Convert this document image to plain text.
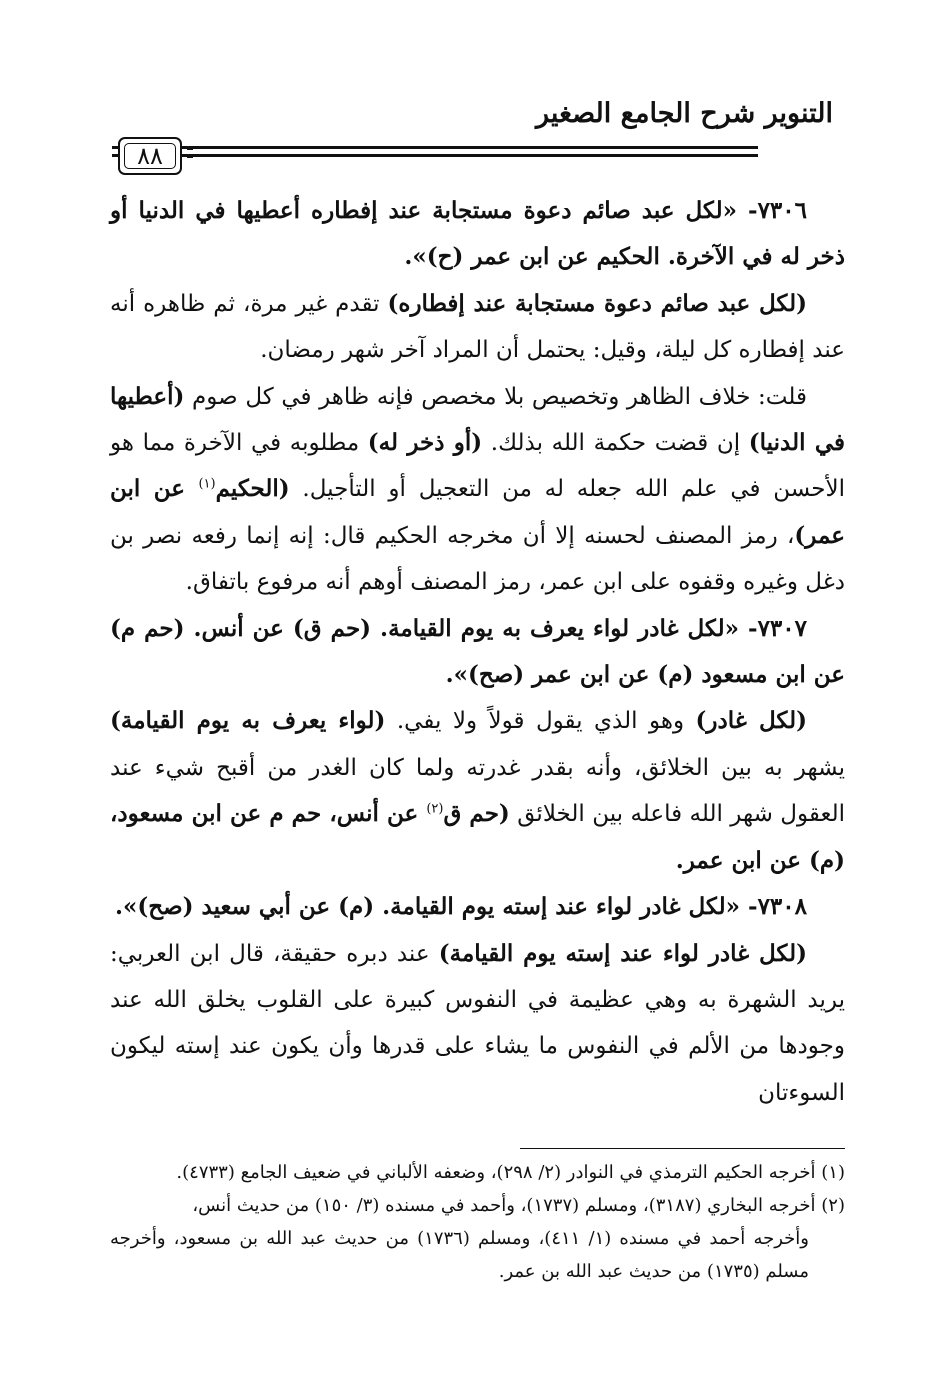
التنوير شرح الجامع الصغير
٨٨

٧٣٠٦- «لكل عبد صائم دعوة مستجابة عند إفطاره أعطيها في الدنيا أو ذخر له في الآخرة. الحكيم عن ابن عمر (ح)».

(لكل عبد صائم دعوة مستجابة عند إفطاره) تقدم غير مرة، ثم ظاهره أنه عند إفطاره كل ليلة، وقيل: يحتمل أن المراد آخر شهر رمضان.

قلت: خلاف الظاهر وتخصيص بلا مخصص فإنه ظاهر في كل صوم (أعطيها في الدنيا) إن قضت حكمة الله بذلك. (أو ذخر له) مطلوبه في الآخرة مما هو الأحسن في علم الله جعله له من التعجيل أو التأجيل. (الحكيم$^{(١)}$ عن ابن عمر)، رمز المصنف لحسنه إلا أن مخرجه الحكيم قال: إنه إنما رفعه نصر بن دغل وغيره وقفوه على ابن عمر، رمز المصنف أوهم أنه مرفوع باتفاق.

٧٣٠٧- «لكل غادر لواء يعرف به يوم القيامة. (حم ق) عن أنس. (حم م) عن ابن مسعود (م) عن ابن عمر (صح)».

(لكل غادر) وهو الذي يقول قولاً ولا يفي. (لواء يعرف به يوم القيامة) يشهر به بين الخلائق، وأنه بقدر غدرته ولما كان الغدر من أقبح شيء عند العقول شهر الله فاعله بين الخلائق (حم ق$^{(٢)}$ عن أنس، حم م عن ابن مسعود، (م) عن ابن عمر.

٧٣٠٨- «لكل غادر لواء عند إسته يوم القيامة. (م) عن أبي سعيد (صح)».

(لكل غادر لواء عند إسته يوم القيامة) عند دبره حقيقة، قال ابن العربي: يريد الشهرة به وهي عظيمة في النفوس كبيرة على القلوب يخلق الله عند وجودها من الألم في النفوس ما يشاء على قدرها وأن يكون عند إسته ليكون السوءتان

(١) أخرجه الحكيم الترمذي في النوادر (٢/ ٢٩٨)، وضعفه الألباني في ضعيف الجامع (٤٧٣٣).

(٢) أخرجه البخاري (٣١٨٧)، ومسلم (١٧٣٧)، وأحمد في مسنده (٣/ ١٥٠) من حديث أنس،

وأخرجه أحمد في مسنده (١/ ٤١١)، ومسلم (١٧٣٦) من حديث عبد الله بن مسعود، وأخرجه مسلم (١٧٣٥) من حديث عبد الله بن عمر.
